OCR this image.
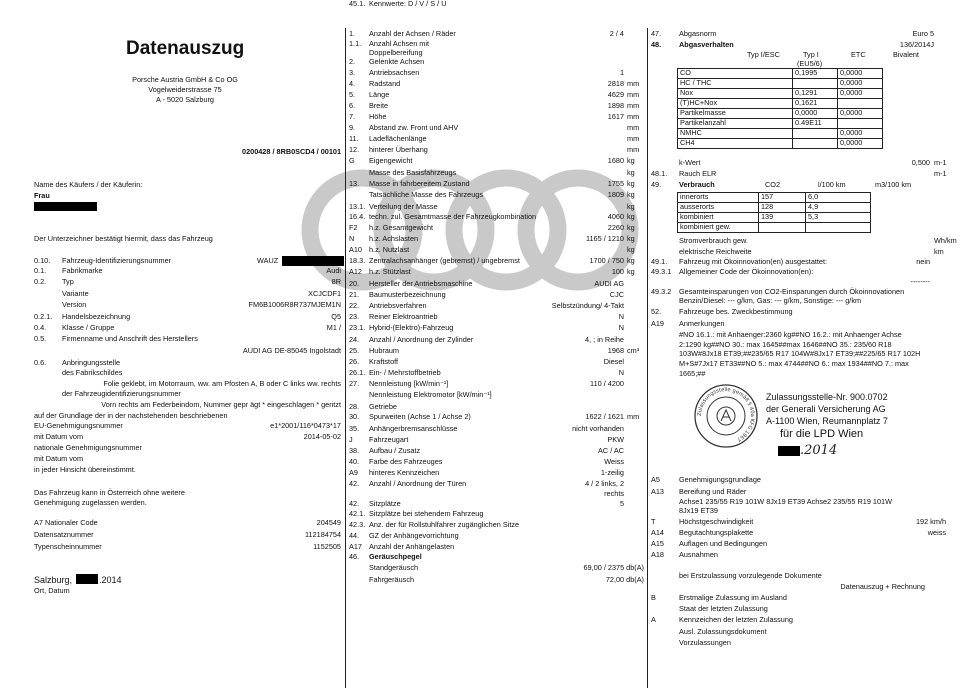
Datenauszug
Porsche Austria GmbH & Co OG
Vogelweiderstrasse 75
A - 5020 Salzburg
0200428 / 8RB0SCD4 / 00101
Name des Käufers / der Käuferin:
Frau
Der Unterzeichner bestätigt hiermit, dass das Fahrzeug
0.10. Fahrzeug-Identifizierungsnummer	WAUZ
0.1. Fabrikmarke	Audi
0.2. Typ	8R
Variante	XCJCDF1
Version	FM6B1006R8R737MJEM1N
0.2.1. Handelsbezeichnung	Q5
0.4. Klasse / Gruppe	M1 /
0.5. Firmenname und Anschrift des Herstellers
AUDI AG DE-85045 Ingolstadt
0.6. Anbringungsstelle
des Fabrikschildes
Folie geklebt, im Motorraum, ww. am Pfosten A, B oder C links ww. rechts
der Fahrzeugidentifizierungsnummer
Vorn rechts am Federbeindom, Nummer gepr ägt * eingeschlagen * geritzt
auf der Grundlage der in der nachstehenden beschriebenen
EU-Genehmigungsnummer	e1*2001/116*0473*17
mit Datum vom	2014-05-02
nationale Genehmigungsnummer
mit Datum vom
in jeder Hinsicht übereinstimmt.
Das Fahrzeug kann in Österreich ohne weitere
Genehmigung zugelassen werden.
A7 Nationaler Code	204549
Datensatznummer	112184754
Typenscheinnummer	1152505
Salzburg,	.2014
Ort, Datum
1. Anzahl der Achsen / Räder	2 / 4
1.1. Anzahl Achsen mit
Doppelbereifung
2. Gelenkte Achsen
3. Antriebsachsen	1
4. Radstand	2818 mm
5. Länge	4629 mm
6. Breite	1898 mm
7. Höhe	1617 mm
9. Abstand zw. Front und AHV	mm
11. Ladeflächenlänge	mm
12. hinterer Überhang	mm
G Eigengewicht	1680 kg
Masse des Basisfahrzeugs	kg
13. Masse in fahrbereitem Zustand	1755 kg
Tatsächliche Masse des Fahrzeugs	1809 kg
13.1. Verteilung der Masse	kg
16.4. techn. zul. Gesamtmasse der Fahrzeugkombination	4060 kg
F2 h.z. Gesamtgewicht	2260 kg
N h.z. Achslasten	1165 / 1210 kg
A10 h.z. Nutzlast	kg
18.3. Zentralachsanhänger (gebremst) / ungebremst	1700 / 750 kg
A12 h.z. Stützlast	100 kg
20. Hersteller der Antriebsmaschine	AUDI AG
21. Baumusterbezeichnung	CJC
22. Antriebsverfahren	Selbstzündung/ 4-Takt
23. Reiner Elektroantrieb	N
23.1. Hybrid-(Elektro)-Fahrzeug	N
24. Anzahl / Anordnung der Zylinder	4, ; in Reihe
25. Hubraum	1968 cm³
26. Kraftstoff	Diesel
26.1. Ein- / Mehrstoffbetrieb	N
27. Nennleistung [kW/min⁻¹]	110 / 4200
Nennleistung Elektromotor [kW/min⁻¹]
28. Getriebe
30. Spurweiten (Achse 1 / Achse 2)	1622 / 1621 mm
35. Anhängerbremsanschlüsse	nicht vorhanden
J Fahrzeugart	PKW
38. Aufbau / Zusatz	AC / AC
40. Farbe des Fahrzeuges	Weiss
A9 hinteres Kennzeichen	1-zeilig
42. Anzahl / Anordnung der Türen	4 / 2 links, 2
rechts
42. Sitzplätze	5
42.1. Sitzplätze bei stehendem Fahrzeug
42.3. Anz. der für Rollstuhlfahrer zugänglichen Sitze
44. GZ der Anhängevorrichtung
A17 Anzahl der Anhängelasten
45.1. Kennwerte: D / V / S / U
46. Geräuschpegel
Standgeräusch	69,00 / 2375 db(A)
Fahrgeräusch	72,00 db(A)
47. Abgasnorm	Euro 5
48. Abgasverhalten	136/2014J
Typ I/ESC	Typ I	ETC	Bivalent
(EU5/6)
CO	0,1995	0,0000
HC / THC		0,0000
Nox	0,1291	0,0000
(T)HC+Nox	0,1621	
Partikelmasse	0,0000	0,0000
Partikelanzahl	0.49E11	
NMHC		0,0000
CH4		0,0000
k-Wert	0,500 m-1
48.1. Rauch ELR	m-1
49. Verbrauch	CO2	l/100 km	m3/100 km
innerorts	157	6,0
ausserorts	128	4,9
kombiniert	139	5,3
kombiniert gew.		
Stromverbrauch gew.	Wh/km
elektrische Reichweite	km
49.1. Fahrzeug mit Ökoinnovation(en) ausgestattet:	nein
49.3.1 Allgemeiner Code der Ökoinnovation(en):
--------
49.3.2 Gesamteinsparungen von CO2-Einsparungen durch Ökoinnovationen
Benzin/Diesel: --- g/km, Gas: --- g/km, Sonstige: --- g/km
52. Fahrzeuge bes. Zweckbestimmung
A19 Anmerkungen
#NO 16.1.: mit Anhaenger:2360 kg##NO 16.2.: mit Anhaenger Achse
2:1290 kg##NO 30.: max 1645##max 1646##NO 35.: 235/60 R18
103W#8Jx18 ET39;##235/65 R17 104W#8Jx17 ET39;##225/65 R17 102H
M+S#7Jx17 ET33##NO 5.: max 4744##NO 6.: max 1934##NO 7.: max
1665;##
Zulassungsstelle gemäß § 40a KFG 1967
Zulassungsstelle-Nr. 900.0702
der Generali Versicherung AG
A-1100 Wien, Reumannplatz 7
für die LPD Wien
.2014
A5	Genehmigungsgrundlage
A13 Bereifung und Räder
Achse1 235/55 R19 101W 8Jx19 ET39 Achse2 235/55 R19 101W
8Jx19 ET39
T	Höchstgeschwindigkeit	192 km/h
A14 Begutachtungsplakette	weiss
A15 Auflagen und Bedingungen
A18 Ausnahmen
bei Erstzulassung vorzulegende Dokumente
Datenauszug + Rechnung
B	Erstmalige Zulassung im Ausland
Staat der letzten Zulassung
A	Kennzeichen der letzten Zulassung
Ausl. Zulassungsdokument
Vorzulassungen
